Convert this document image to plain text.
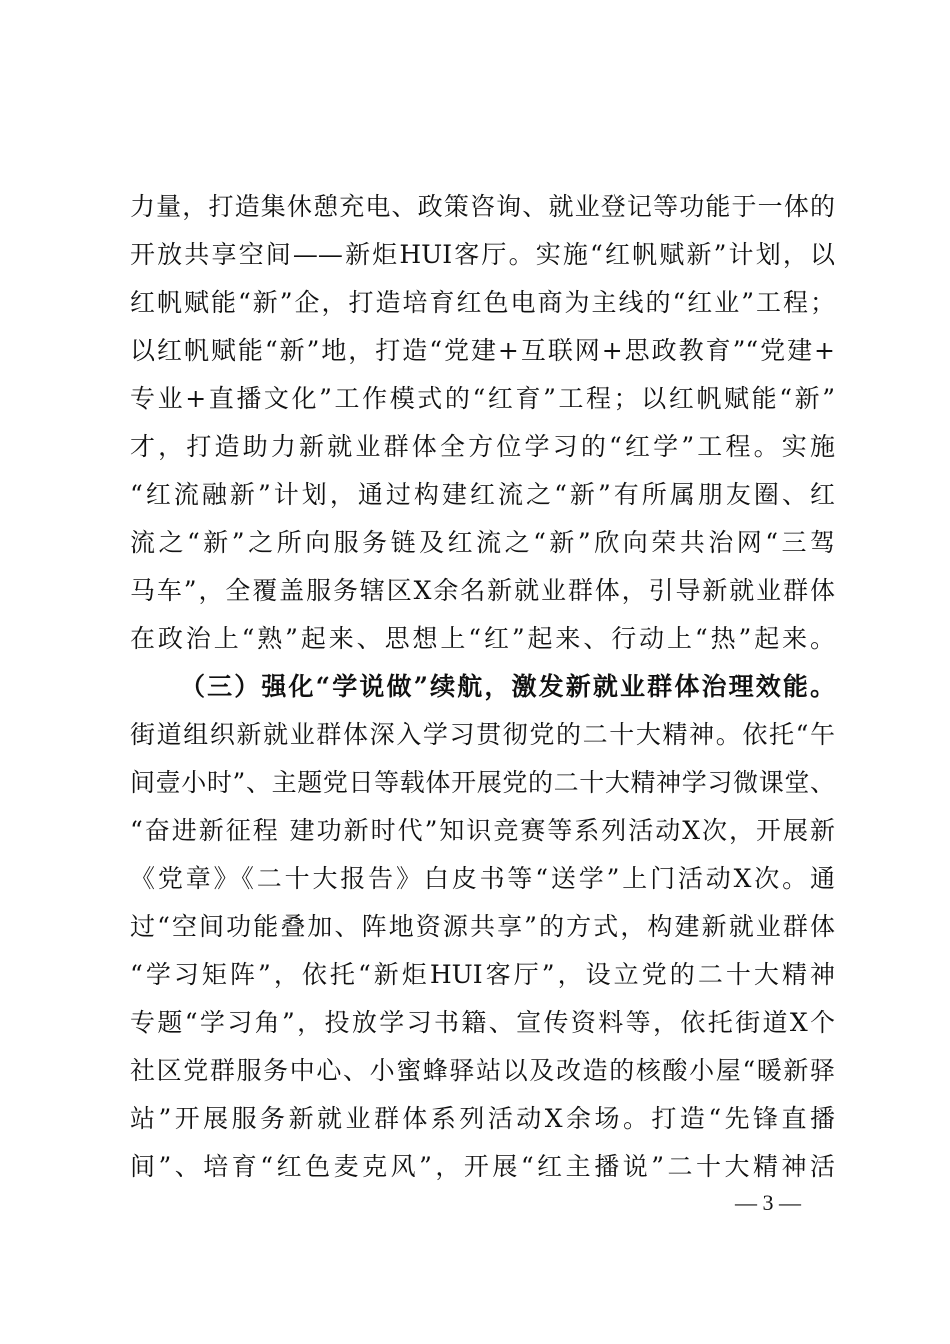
力量，打造集休憩充电、政策咨询、就业登记等功能于一体的
开放共享空间——新炬HUI客厅。实施“红帆赋新”计划，以
红帆赋能“新”企，打造培育红色电商为主线的“红业”工程；
以红帆赋能“新”地，打造“党建+互联网+思政教育”“党建+
专业+直播文化”工作模式的“红育”工程；以红帆赋能“新”
才，打造助力新就业群体全方位学习的“红学”工程。实施
“红流融新”计划，通过构建红流之“新”有所属朋友圈、红
流之“新”之所向服务链及红流之“新”欣向荣共治网“三驾
马车”，全覆盖服务辖区X余名新就业群体，引导新就业群体
在政治上“熟”起来、思想上“红”起来、行动上“热”起来。
（三）强化“学说做”续航，激发新就业群体治理效能。
街道组织新就业群体深入学习贯彻党的二十大精神。依托“午
间壹小时”、主题党日等载体开展党的二十大精神学习微课堂、
“奋进新征程 建功新时代”知识竞赛等系列活动X次，开展新
《党章》《二十大报告》白皮书等“送学”上门活动X次。通
过“空间功能叠加、阵地资源共享”的方式，构建新就业群体
“学习矩阵”，依托“新炬HUI客厅”，设立党的二十大精神
专题“学习角”，投放学习书籍、宣传资料等，依托街道X个
社区党群服务中心、小蜜蜂驿站以及改造的核酸小屋“暖新驿
站”开展服务新就业群体系列活动X余场。打造“先锋直播
间”、培育“红色麦克风”，开展“红主播说”二十大精神活
— 3 —
